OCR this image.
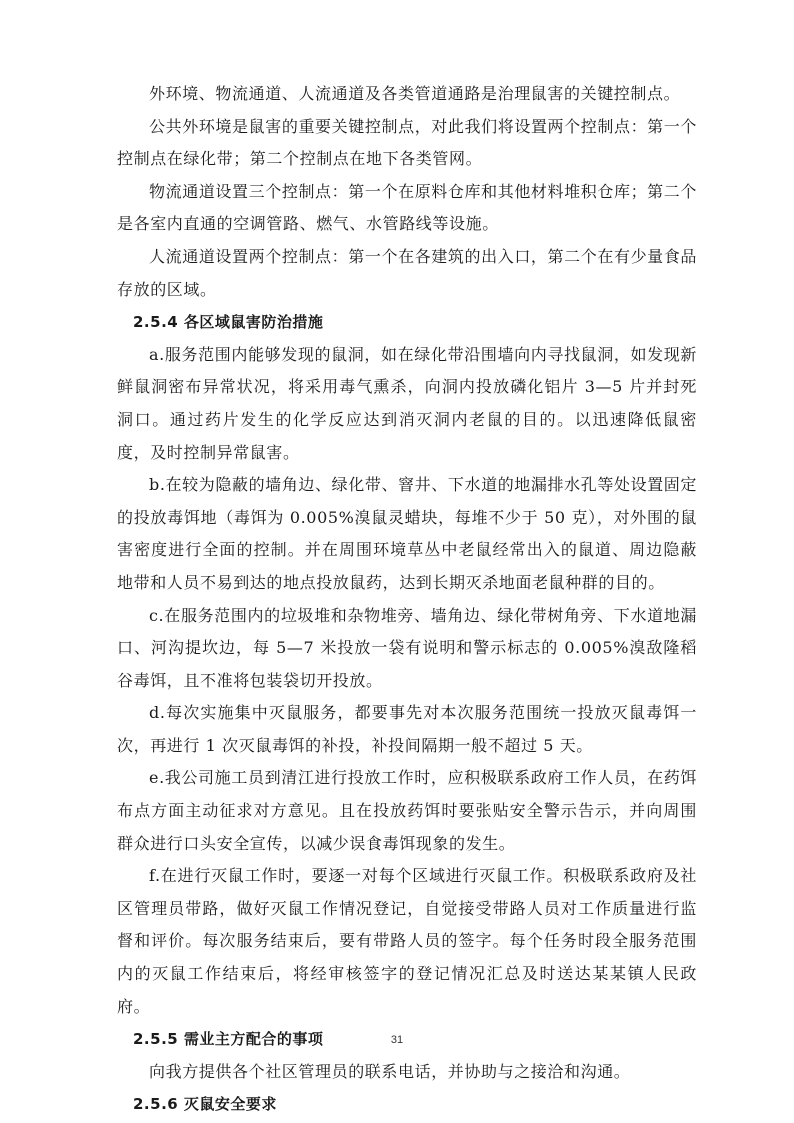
外环境、物流通道、人流通道及各类管道通路是治理鼠害的关键控制点。

公共外环境是鼠害的重要关键控制点，对此我们将设置两个控制点：第一个控制点在绿化带；第二个控制点在地下各类管网。

物流通道设置三个控制点：第一个在原料仓库和其他材料堆积仓库；第二个是各室内直通的空调管路、燃气、水管路线等设施。

人流通道设置两个控制点：第一个在各建筑的出入口，第二个在有少量食品存放的区域。

2.5.4 各区域鼠害防治措施

a.服务范围内能够发现的鼠洞，如在绿化带沿围墙向内寻找鼠洞，如发现新鲜鼠洞密布异常状况，将采用毒气熏杀，向洞内投放磷化铝片 3—5 片并封死洞口。通过药片发生的化学反应达到消灭洞内老鼠的目的。以迅速降低鼠密度，及时控制异常鼠害。

b.在较为隐蔽的墙角边、绿化带、窨井、下水道的地漏排水孔等处设置固定的投放毒饵地（毒饵为 0.005%溴鼠灵蜡块，每堆不少于 50 克），对外围的鼠害密度进行全面的控制。并在周围环境草丛中老鼠经常出入的鼠道、周边隐蔽地带和人员不易到达的地点投放鼠药，达到长期灭杀地面老鼠种群的目的。

c.在服务范围内的垃圾堆和杂物堆旁、墙角边、绿化带树角旁、下水道地漏口、河沟提坎边，每 5—7 米投放一袋有说明和警示标志的 0.005%溴敌隆稻谷毒饵，且不准将包装袋切开投放。

d.每次实施集中灭鼠服务，都要事先对本次服务范围统一投放灭鼠毒饵一次，再进行 1 次灭鼠毒饵的补投，补投间隔期一般不超过 5 天。

e.我公司施工员到清江进行投放工作时，应积极联系政府工作人员，在药饵布点方面主动征求对方意见。且在投放药饵时要张贴安全警示告示，并向周围群众进行口头安全宣传，以减少误食毒饵现象的发生。

f.在进行灭鼠工作时，要逐一对每个区域进行灭鼠工作。积极联系政府及社区管理员带路，做好灭鼠工作情况登记，自觉接受带路人员对工作质量进行监督和评价。每次服务结束后，要有带路人员的签字。每个任务时段全服务范围内的灭鼠工作结束后，将经审核签字的登记情况汇总及时送达某某镇人民政府。

2.5.5 需业主方配合的事项

向我方提供各个社区管理员的联系电话，并协助与之接洽和沟通。

2.5.6 灭鼠安全要求
31
